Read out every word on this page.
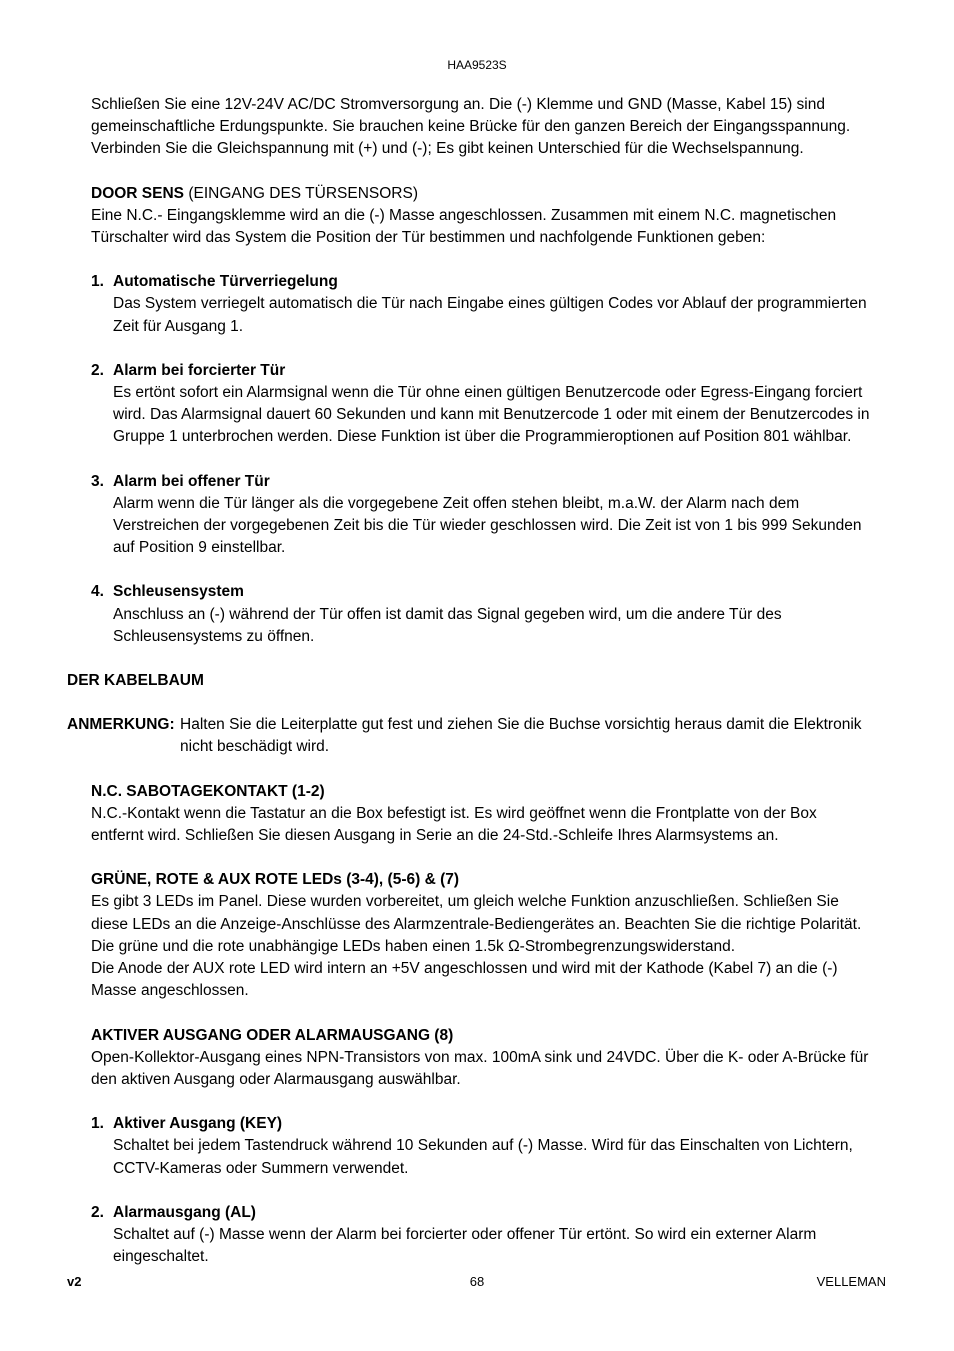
HAA9523S
Schließen Sie eine 12V-24V AC/DC Stromversorgung an. Die (-) Klemme und GND (Masse, Kabel 15) sind
gemeinschaftliche Erdungspunkte. Sie brauchen keine Brücke für den ganzen Bereich der Eingangsspannung.
Verbinden Sie die Gleichspannung mit (+) und (-); Es gibt keinen Unterschied für die Wechselspannung.
DOOR SENS (EINGANG DES TÜRSENSORS)
Eine N.C.- Eingangsklemme wird an die (-) Masse angeschlossen. Zusammen mit einem N.C. magnetischen
Türschalter wird das System die Position der Tür bestimmen und nachfolgende Funktionen geben:
1. Automatische Türverriegelung
Das System verriegelt automatisch die Tür nach Eingabe eines gültigen Codes vor Ablauf der programmierten
Zeit für Ausgang 1.
2. Alarm bei forcierter Tür
Es ertönt sofort ein Alarmsignal wenn die Tür ohne einen gültigen Benutzercode oder Egress-Eingang forciert
wird. Das Alarmsignal dauert 60 Sekunden und kann mit Benutzercode 1 oder mit einem der Benutzercodes in
Gruppe 1 unterbrochen werden. Diese Funktion ist über die Programmieroptionen auf Position 801 wählbar.
3. Alarm bei offener Tür
Alarm wenn die Tür länger als die vorgegebene Zeit offen stehen bleibt, m.a.W. der Alarm nach dem
Verstreichen der vorgegebenen Zeit bis die Tür wieder geschlossen wird. Die Zeit ist von 1 bis 999 Sekunden
auf Position 9 einstellbar.
4. Schleusensystem
Anschluss an (-) während der Tür offen ist damit das Signal gegeben wird, um die andere Tür des
Schleusensystems zu öffnen.
DER KABELBAUM
ANMERKUNG: Halten Sie die Leiterplatte gut fest und ziehen Sie die Buchse vorsichtig heraus damit die Elektronik
nicht beschädigt wird.
N.C. SABOTAGEKONTAKT (1-2)
N.C.-Kontakt wenn die Tastatur an die Box befestigt ist. Es wird geöffnet wenn die Frontplatte von der Box
entfernt wird. Schließen Sie diesen Ausgang in Serie an die 24-Std.-Schleife Ihres Alarmsystems an.
GRÜNE, ROTE & AUX ROTE LEDs (3-4), (5-6) & (7)
Es gibt 3 LEDs im Panel. Diese wurden vorbereitet, um gleich welche Funktion anzuschließen. Schließen Sie
diese LEDs an die Anzeige-Anschlüsse des Alarmzentrale-Bediengerätes an. Beachten Sie die richtige Polarität.
Die grüne und die rote unabhängige LEDs haben einen 1.5k Ω-Strombegrenzungswiderstand.
Die Anode der AUX rote LED wird intern an +5V angeschlossen und wird mit der Kathode (Kabel 7) an die (-)
Masse angeschlossen.
AKTIVER AUSGANG ODER ALARMAUSGANG (8)
Open-Kollektor-Ausgang eines NPN-Transistors von max. 100mA sink und 24VDC. Über die K- oder A-Brücke für
den aktiven Ausgang oder Alarmausgang auswählbar.
1. Aktiver Ausgang (KEY)
Schaltet bei jedem Tastendruck während 10 Sekunden auf (-) Masse. Wird für das Einschalten von Lichtern,
CCTV-Kameras oder Summern verwendet.
2. Alarmausgang (AL)
Schaltet auf (-) Masse wenn der Alarm bei forcierter oder offener Tür ertönt. So wird ein externer Alarm
eingeschaltet.
v2	68	VELLEMAN
